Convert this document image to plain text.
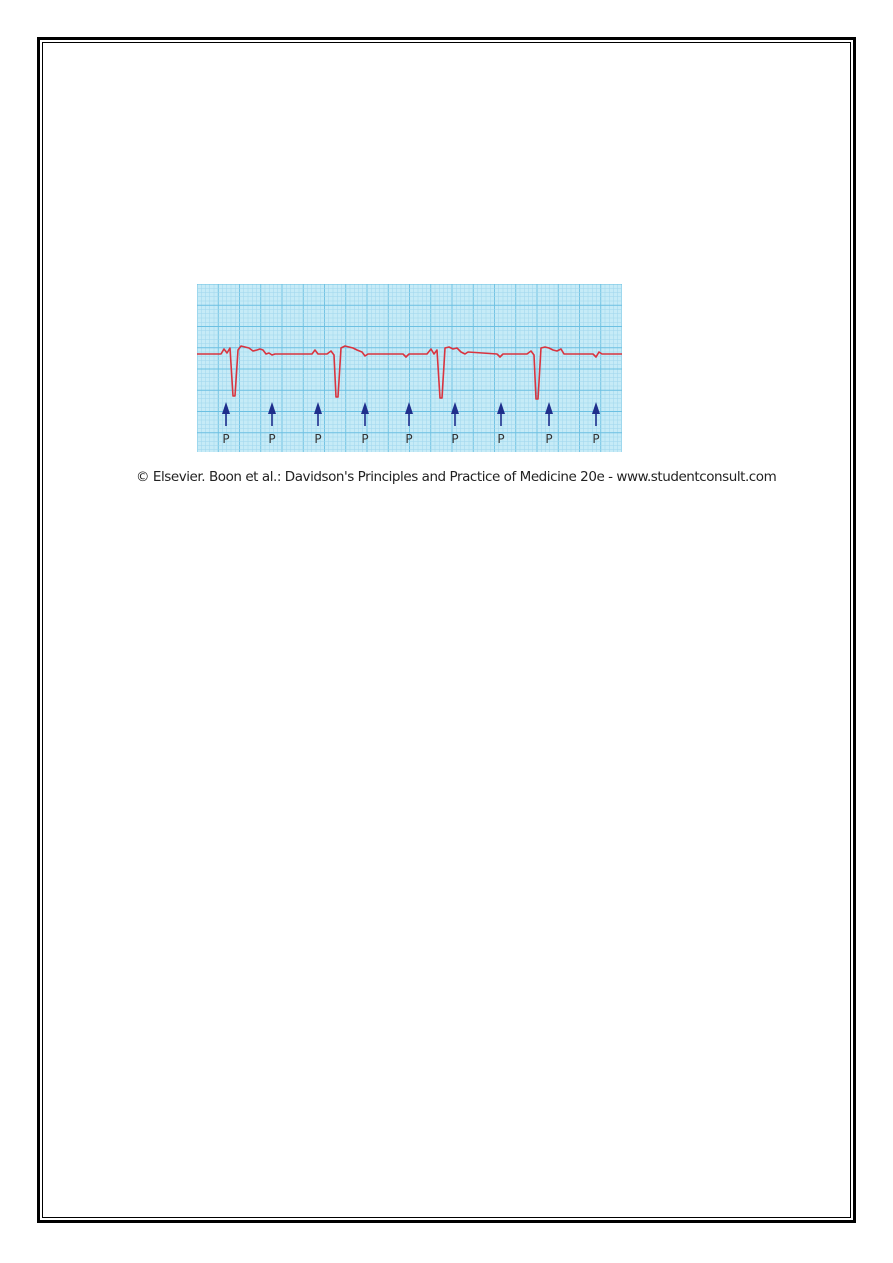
P	P	P	P	P	P	P	P	P
© Elsevier. Boon et al.: Davidson's Principles and Practice of Medicine 20e - www.studentconsult.com
